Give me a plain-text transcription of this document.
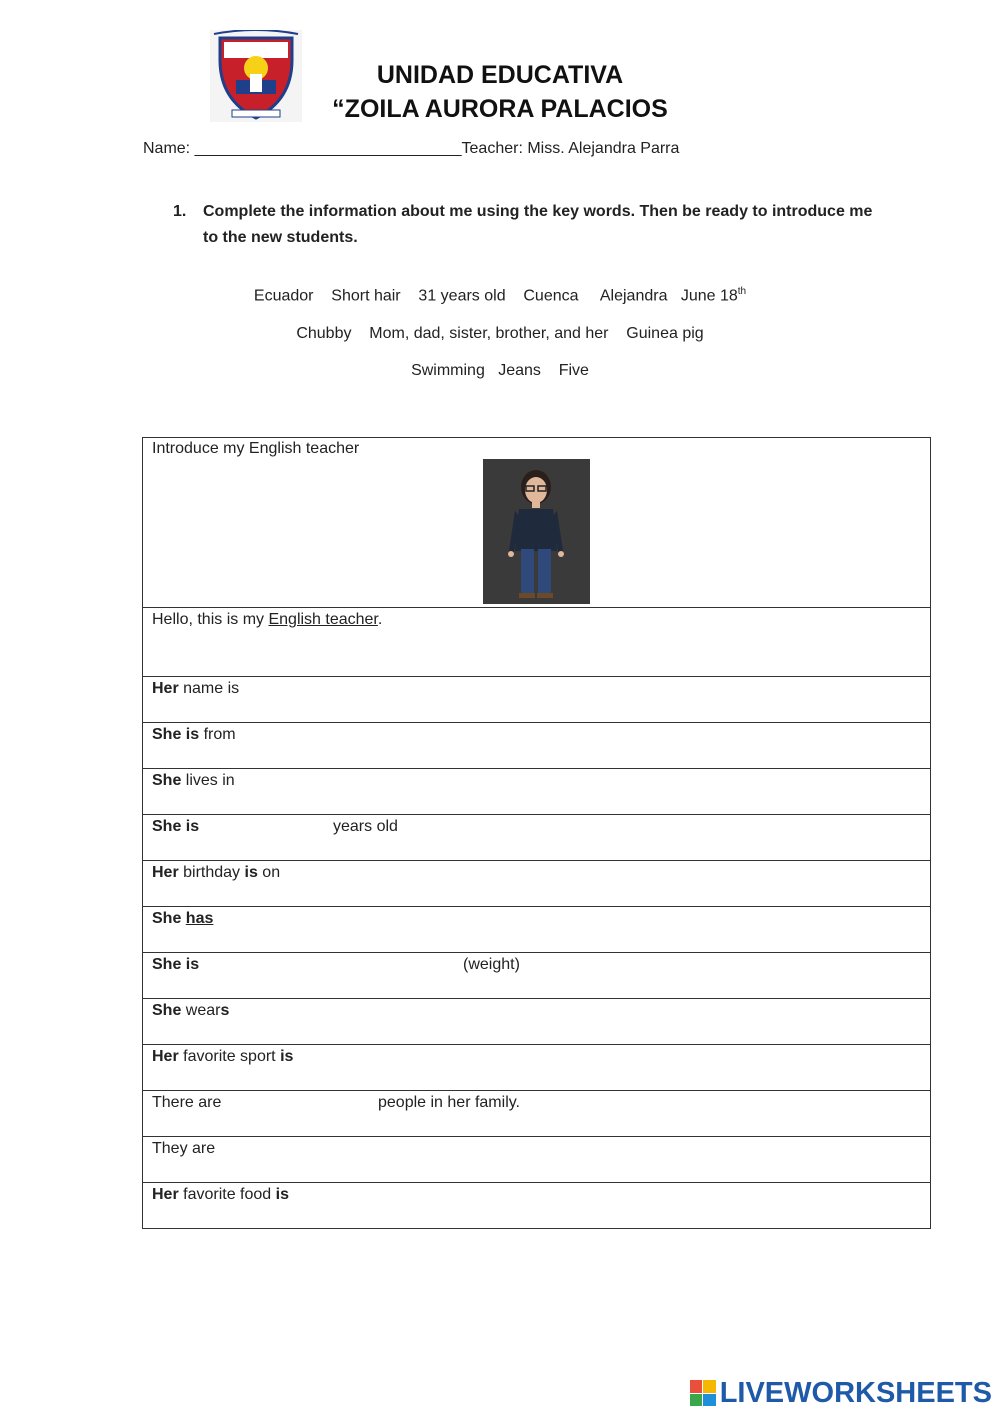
UNIDAD EDUCATIVA
“ZOILA AURORA PALACIOS
Name: ______________________________Teacher: Miss. Alejandra Parra
1. Complete the information about me using the key words. Then be ready to introduce me to the new students.
Ecuador Short hair 31 years old Cuenca Alejandra June 18th
Chubby Mom, dad, sister, brother, and her Guinea pig
Swimming Jeans Five
Introduce my English teacher

Hello, this is my English teacher.

Her name is

She is from

She lives in

She is	years old

Her birthday is on

She has

She is	(weight)

She wears

Her favorite sport is

There are	people in her family.

They are

Her favorite food is
LIVEWORKSHEETS
